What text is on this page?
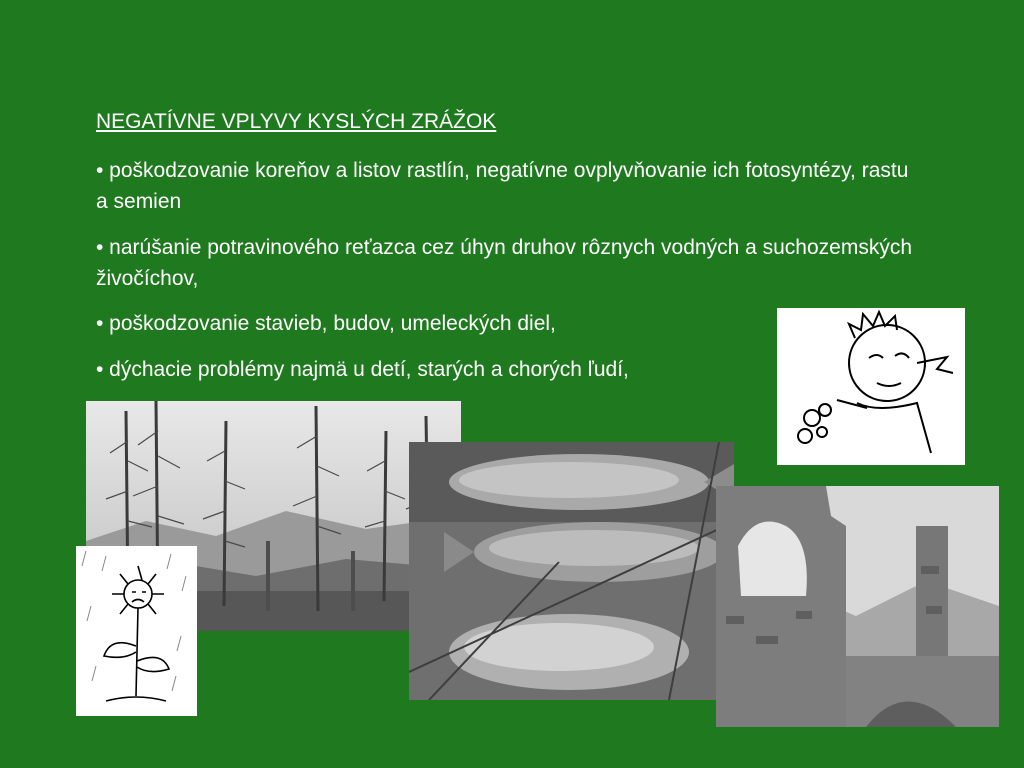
NEGATÍVNE VPLYVY KYSLÝCH ZRÁŽOK
• poškodzovanie koreňov a listov rastlín, negatívne ovplyvňovanie ich fotosyntézy, rastu a semien
• narúšanie potravinového reťazca cez úhyn druhov rôznych vodných a suchozemských živočíchov,
• poškodzovanie stavieb, budov, umeleckých diel,
• dýchacie problémy najmä u detí, starých a chorých ľudí,
